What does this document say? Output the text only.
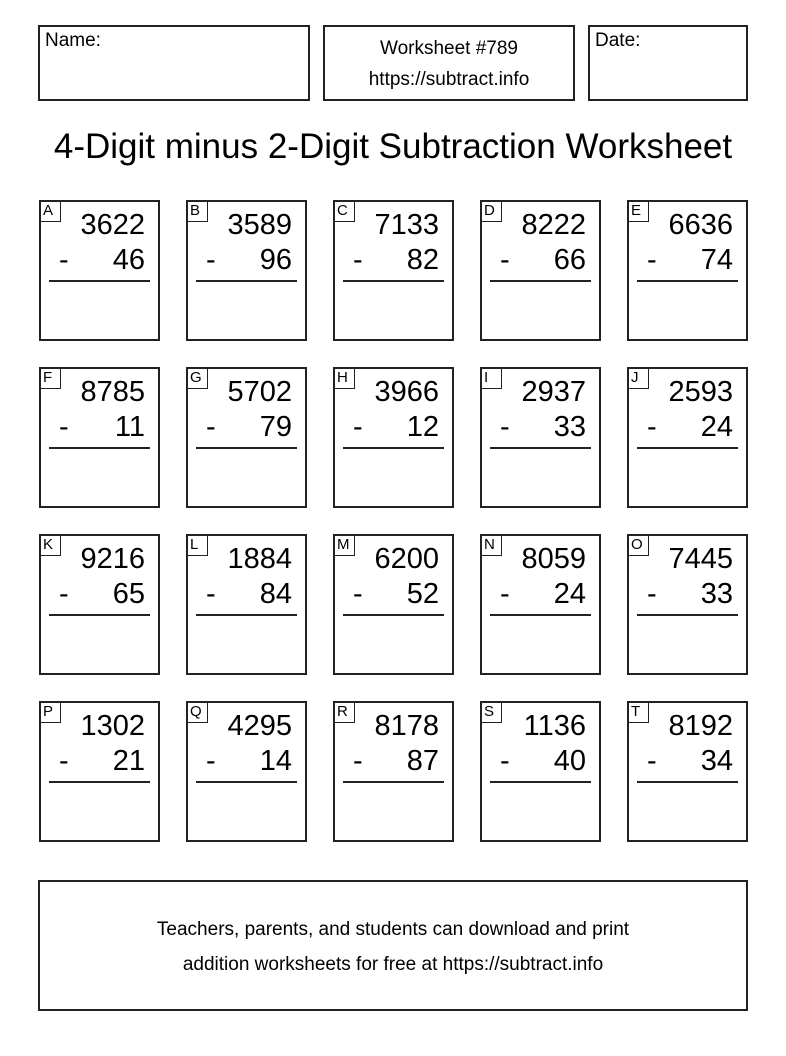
Name:	Worksheet #789
https://subtract.info
Date:
4-Digit minus 2-Digit Subtraction Worksheet
A 3622
- 46
B 3589
- 96
C 7133
- 82
D 8222
- 66
E 6636
- 74
F 8785
- 11
G 5702
- 79
H 3966
- 12
I	2937
- 33
J	2593
- 24
K 9216
- 65
L	1884
- 84
M 6200
- 52
N 8059
- 24
O 7445
- 33
P 1302
- 21
Q 4295
- 14
R 8178
- 87
S 1136
- 40
T 8192
- 34
Teachers, parents, and students can download and print
addition worksheets for free at https://subtract.info
